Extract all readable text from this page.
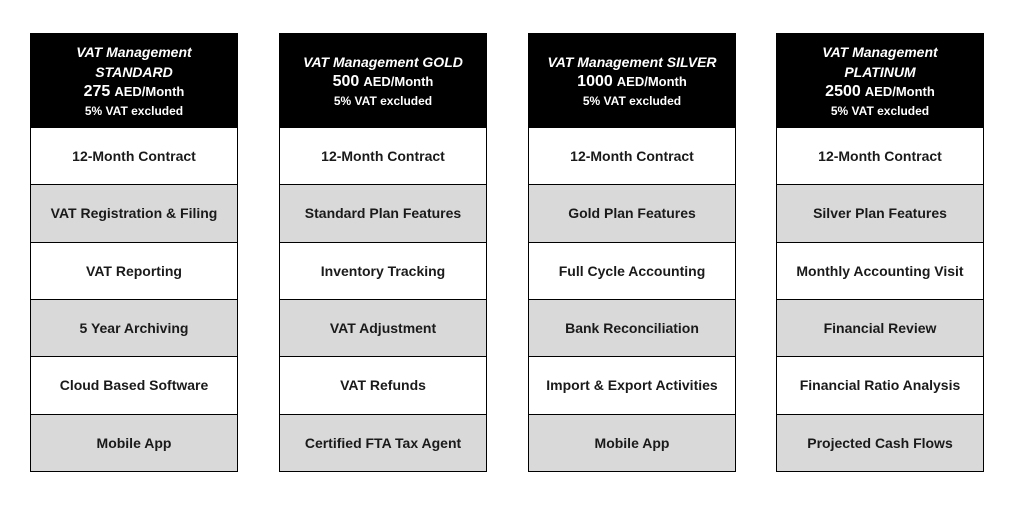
VAT Management
STANDARD
275 AED/Month
5% VAT excluded
12-Month Contract
VAT Registration & Filing
VAT Reporting
5 Year Archiving
Cloud Based Software
Mobile App
VAT Management GOLD
500 AED/Month
5% VAT excluded
12-Month Contract
Standard Plan Features
Inventory Tracking
VAT Adjustment
VAT Refunds
Certified FTA Tax Agent
VAT Management SILVER
1000 AED/Month
5% VAT excluded
12-Month Contract
Gold Plan Features
Full Cycle Accounting
Bank Reconciliation
Import & Export Activities
Mobile App
VAT Management
PLATINUM
2500 AED/Month
5% VAT excluded
12-Month Contract
Silver Plan Features
Monthly Accounting Visit
Financial Review
Financial Ratio Analysis
Projected Cash Flows
